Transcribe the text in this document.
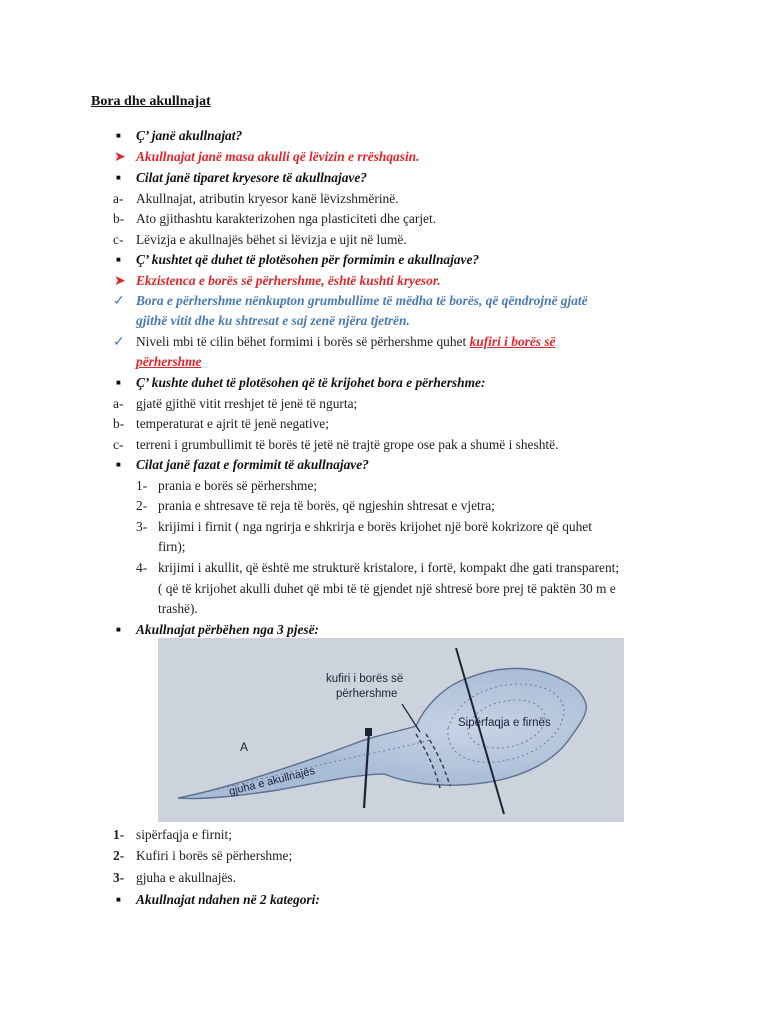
Bora dhe akullnajat
■ Ç’ janë akullnajat?
➤ Akullnajat janë masa akulli që lëvizin e rrëshqasin.
■ Cilat janë tiparet kryesore të akullnajave?
a- Akullnajat, atributin kryesor kanë lëvizshmërinë.
b- Ato gjithashtu karakterizohen nga plasticiteti dhe çarjet.
c- Lëvizja e akullnajës bëhet si lëvizja e ujit në lumë.
■ Ç’ kushtet që duhet të plotësohen për formimin e akullnajave?
➤ Ekzistenca e borës së përhershme, është kushti kryesor.
✓ Bora e përhershme nënkupton grumbullime të mëdha të borës, që qëndrojnë gjatë
gjithë vitit dhe ku shtresat e saj zenë njëra tjetrën.
✓ Niveli mbi të cilin bëhet formimi i borës së përhershme quhet kufiri i borës së
përhershme
■ Ç’ kushte duhet të plotësohen që të krijohet bora e përhershme:
a- gjatë gjithë vitit rreshjet të jenë të ngurta;
b- temperaturat e ajrit të jenë negative;
c- terreni i grumbullimit të borës të jetë në trajtë grope ose pak a shumë i sheshtë.
■ Cilat janë fazat e formimit të akullnajave?
1- prania e borës së përhershme;
2- prania e shtresave të reja të borës, që ngjeshin shtresat e vjetra;
3- krijimi i firnit ( nga ngrirja e shkrirja e borës krijohet një borë kokrizore që quhet
firn);
4- krijimi i akullit, që është me strukturë kristalore, i fortë, kompakt dhe gati transparent;
( që të krijohet akulli duhet që mbi të të gjendet një shtresë bore prej të paktën 30 m e
trashë).
■ Akullnajat përbëhen nga 3 pjesë:
kufiri i borës së
përhershme
Sipërfaqja e firnës
A
gjuha e akullnajës
1- sipërfaqja e firnit;
2- Kufiri i borës së përhershme;
3- gjuha e akullnajës.
■ Akullnajat ndahen në 2 kategori:
